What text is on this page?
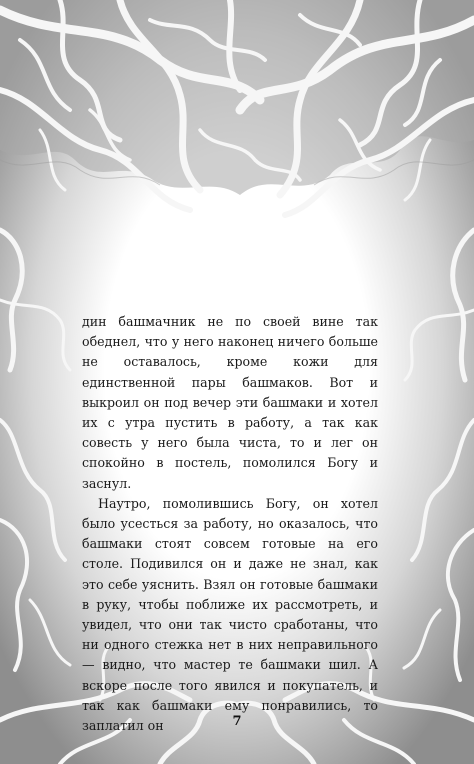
дин башмачник не по своей вине так обеднел, что у него наконец ничего больше не оставалось, кроме кожи для единственной пары башмаков. Вот и выкроил он под вечер эти башмаки и хотел их с утра пустить в работу, а так как совесть у него была чиста, то и лег он спокойно в постель, помолился Богу и заснул.

Наутро, помолившись Богу, он хотел было усесться за работу, но оказалось, что башмаки стоят совсем готовые на его столе. Подивился он и даже не знал, как это себе уяснить. Взял он готовые башмаки в руку, чтобы поближе их рассмотреть, и увидел, что они так чисто сработаны, что ни одного стежка нет в них неправильного — видно, что мастер те башмаки шил. А вскоре после того явился и покупатель, и так как башмаки ему понравились, то заплатил он	7
